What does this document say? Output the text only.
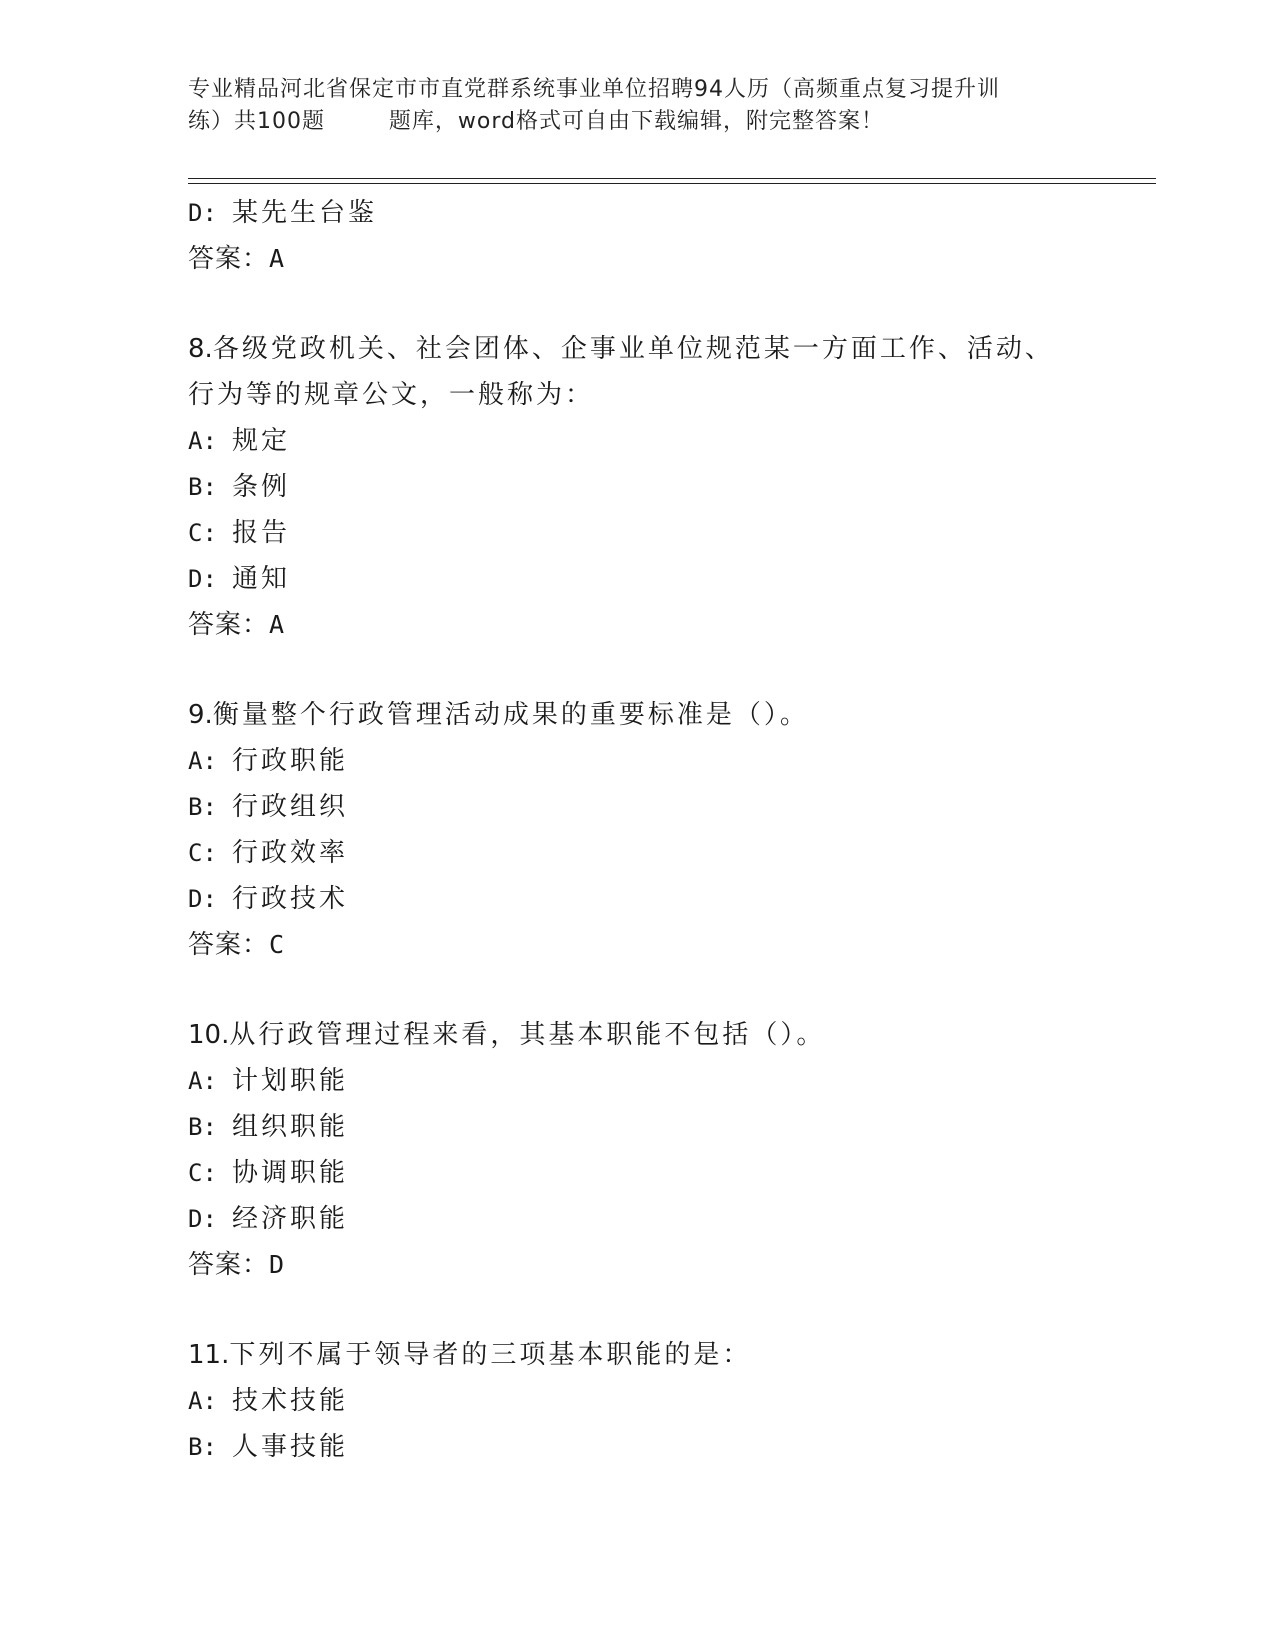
专业精品河北省保定市市直党群系统事业单位招聘94人历（高频重点复习提升训
练）共100题        题库，word格式可自由下载编辑，附完整答案！
D: 某先生台鉴
答案：A
8.各级党政机关、社会团体、企事业单位规范某一方面工作、活动、
行为等的规章公文，一般称为：
A: 规定
B: 条例
C: 报告
D: 通知
答案：A
9.衡量整个行政管理活动成果的重要标准是（）。
A: 行政职能
B: 行政组织
C: 行政效率
D: 行政技术
答案：C
10.从行政管理过程来看，其基本职能不包括（）。
A: 计划职能
B: 组织职能
C: 协调职能
D: 经济职能
答案：D
11.下列不属于领导者的三项基本职能的是：
A: 技术技能
B: 人事技能
